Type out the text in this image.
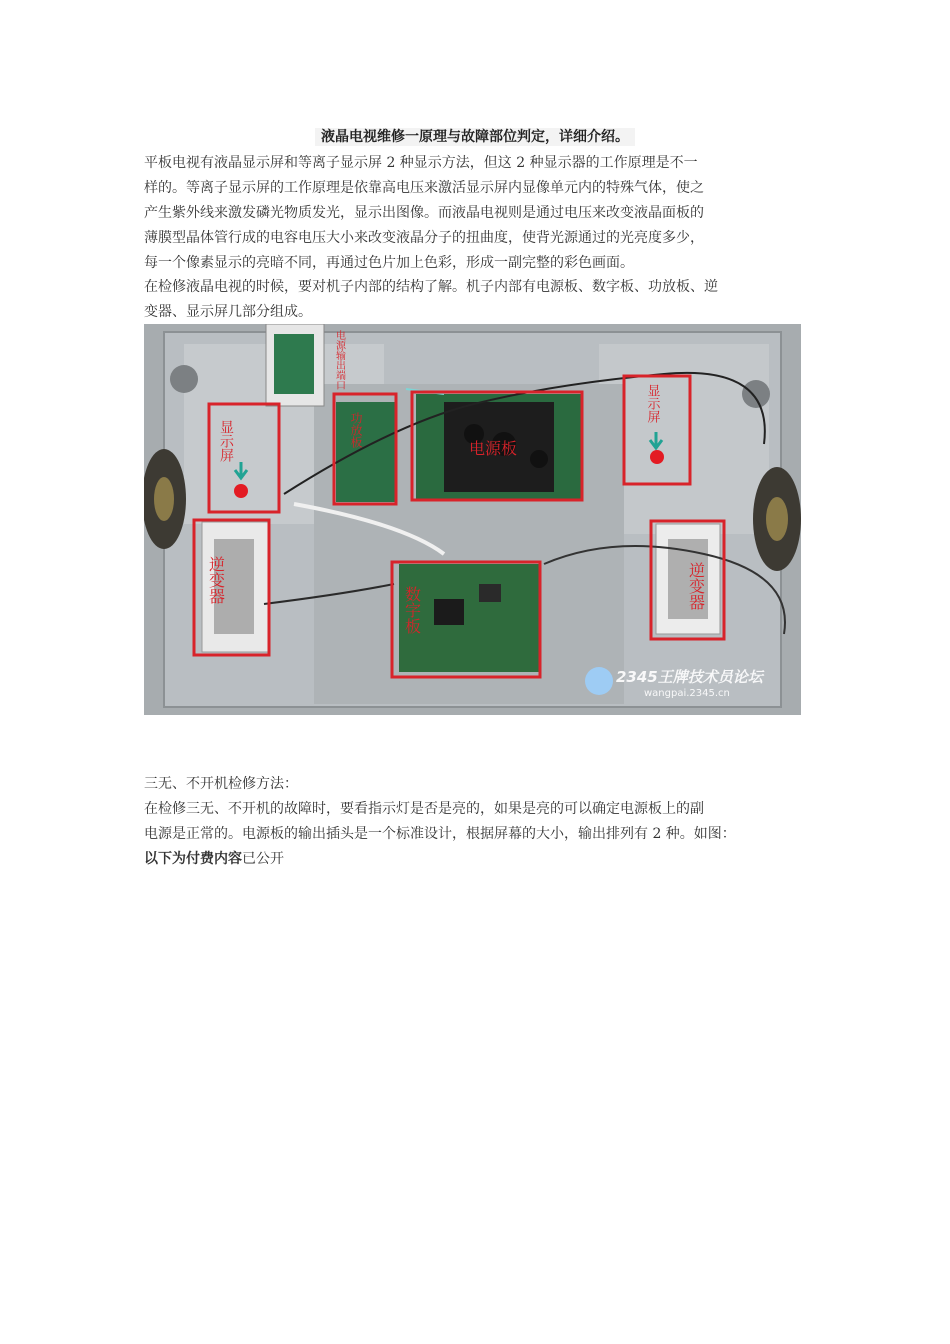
液晶电视维修一原理与故障部位判定，详细介绍。
平板电视有液晶显示屏和等离子显示屏 2 种显示方法，但这 2 种显示器的工作原理是不一
样的。等离子显示屏的工作原理是依靠高电压来激活显示屏内显像单元内的特殊气体，使之
产生紫外线来激发磷光物质发光，显示出图像。而液晶电视则是通过电压来改变液晶面板的
薄膜型晶体管行成的电容电压大小来改变液晶分子的扭曲度，使背光源通过的光亮度多少，
每一个像素显示的亮暗不同，再通过色片加上色彩，形成一副完整的彩色画面。
在检修液晶电视的时候，要对机子内部的结构了解。机子内部有电源板、数字板、功放板、逆
变器、显示屏几部分组成。
显示屏
电源输出端口
功放板
电源板
显示屏
逆变器
数字板	逆变器
2345王牌技术员论坛
wangpai.2345.cn
三无、不开机检修方法：
在检修三无、不开机的故障时，要看指示灯是否是亮的，如果是亮的可以确定电源板上的副
电源是正常的。电源板的输出插头是一个标准设计，根据屏幕的大小，输出排列有 2 种。如图：
以下为付费内容已公开
